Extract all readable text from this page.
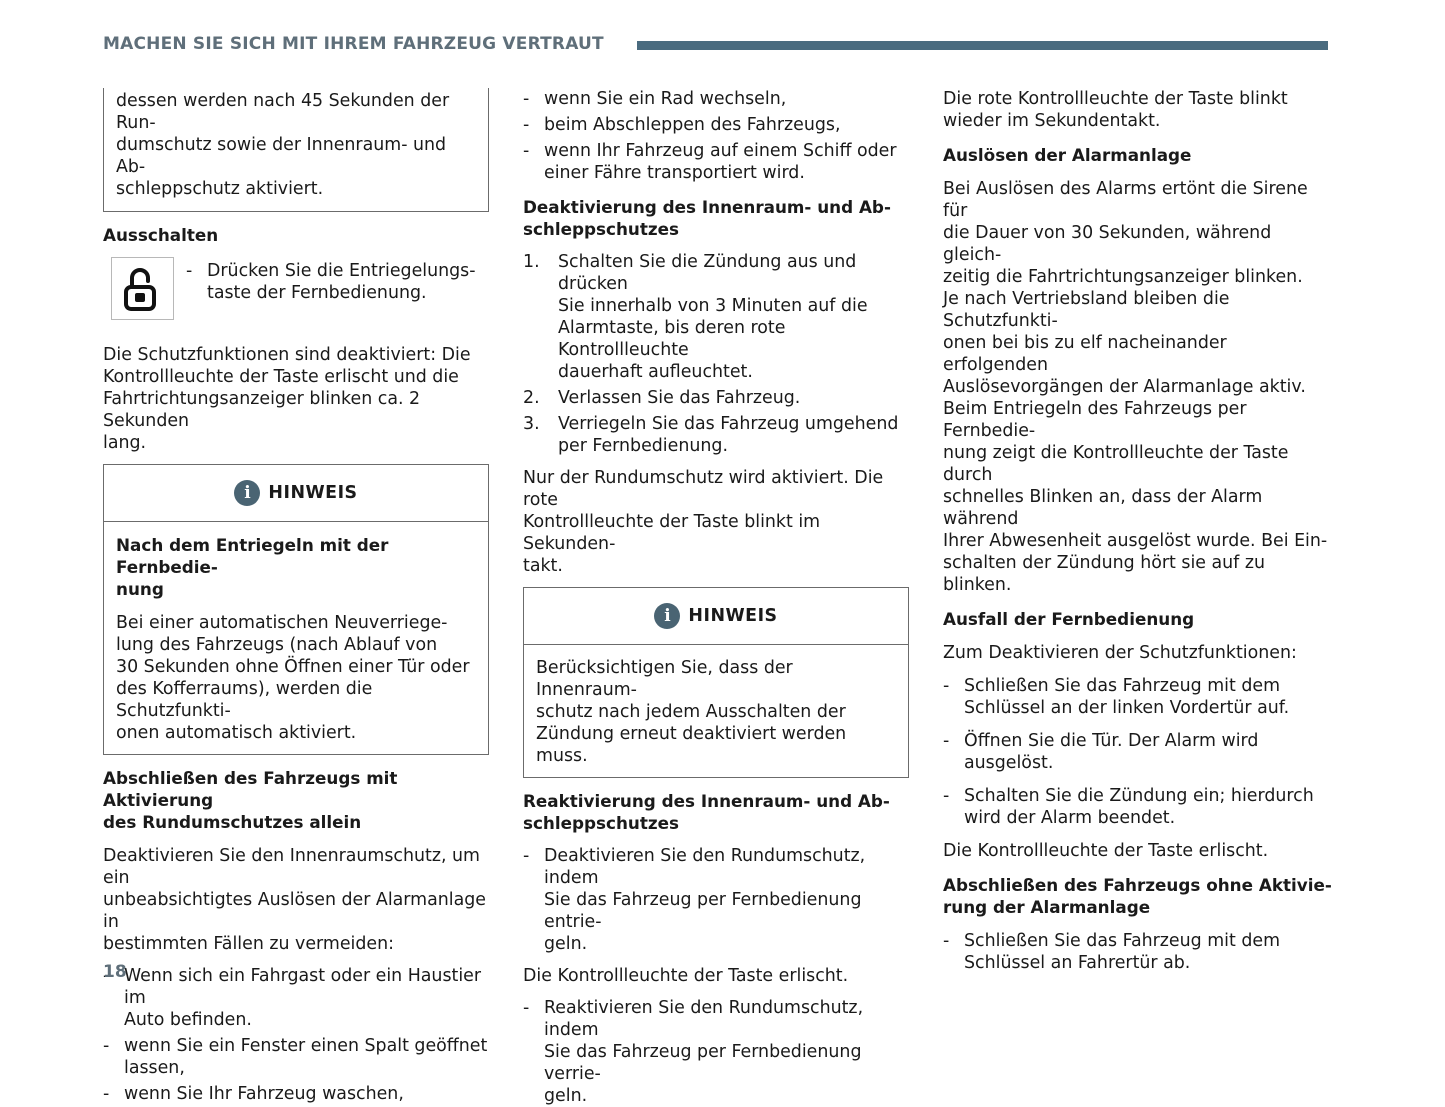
MACHEN SIE SICH MIT IHREM FAHRZEUG VERTRAUT

dessen werden nach 45 Sekunden der Run-
dumschutz sowie der Innenraum- und Ab-
schleppschutz aktiviert.

Ausschalten

- Drücken Sie die Entriegelungs-
taste der Fernbedienung.

Die Schutzfunktionen sind deaktiviert: Die
Kontrollleuchte der Taste erlischt und die
Fahrtrichtungsanzeiger blinken ca. 2 Sekunden
lang.

i	HINWEIS

Nach dem Entriegeln mit der Fernbedie-
nung

Bei einer automatischen Neuverriege-
lung des Fahrzeugs (nach Ablauf von
30 Sekunden ohne Öffnen einer Tür oder
des Kofferraums), werden die Schutzfunkti-
onen automatisch aktiviert.

Abschließen des Fahrzeugs mit Aktivierung
des Rundumschutzes allein

Deaktivieren Sie den Innenraumschutz, um ein
unbeabsichtigtes Auslösen der Alarmanlage in
bestimmten Fällen zu vermeiden:

- Wenn sich ein Fahrgast oder ein Haustier im
Auto befinden.

- wenn Sie ein Fenster einen Spalt geöffnet
lassen,

- wenn Sie Ihr Fahrzeug waschen,

- wenn Sie ein Rad wechseln,

- beim Abschleppen des Fahrzeugs,

- wenn Ihr Fahrzeug auf einem Schiff oder
einer Fähre transportiert wird.

Deaktivierung des Innenraum- und Ab-
schleppschutzes

1. Schalten Sie die Zündung aus und drücken
Sie innerhalb von 3 Minuten auf die
Alarmtaste, bis deren rote Kontrollleuchte
dauerhaft aufleuchtet.

2. Verlassen Sie das Fahrzeug.

3. Verriegeln Sie das Fahrzeug umgehend
per Fernbedienung.

Nur der Rundumschutz wird aktiviert. Die rote
Kontrollleuchte der Taste blinkt im Sekunden-
takt.

i	HINWEIS

Berücksichtigen Sie, dass der Innenraum-
schutz nach jedem Ausschalten der
Zündung erneut deaktiviert werden muss.

Reaktivierung des Innenraum- und Ab-
schleppschutzes

- Deaktivieren Sie den Rundumschutz, indem
Sie das Fahrzeug per Fernbedienung entrie-
geln.

Die Kontrollleuchte der Taste erlischt.

- Reaktivieren Sie den Rundumschutz, indem
Sie das Fahrzeug per Fernbedienung verrie-
geln.

Die rote Kontrollleuchte der Taste blinkt
wieder im Sekundentakt.

Auslösen der Alarmanlage

Bei Auslösen des Alarms ertönt die Sirene für
die Dauer von 30 Sekunden, während gleich-
zeitig die Fahrtrichtungsanzeiger blinken.
Je nach Vertriebsland bleiben die Schutzfunkti-
onen bei bis zu elf nacheinander erfolgenden
Auslösevorgängen der Alarmanlage aktiv.
Beim Entriegeln des Fahrzeugs per Fernbedie-
nung zeigt die Kontrollleuchte der Taste durch
schnelles Blinken an, dass der Alarm während
Ihrer Abwesenheit ausgelöst wurde. Bei Ein-
schalten der Zündung hört sie auf zu blinken.

Ausfall der Fernbedienung

Zum Deaktivieren der Schutzfunktionen:

- Schließen Sie das Fahrzeug mit dem
Schlüssel an der linken Vordertür auf.

- Öffnen Sie die Tür. Der Alarm wird
ausgelöst.

- Schalten Sie die Zündung ein; hierdurch
wird der Alarm beendet.

Die Kontrollleuchte der Taste erlischt.

Abschließen des Fahrzeugs ohne Aktivie-
rung der Alarmanlage

- Schließen Sie das Fahrzeug mit dem
Schlüssel an Fahrertür ab.

18
